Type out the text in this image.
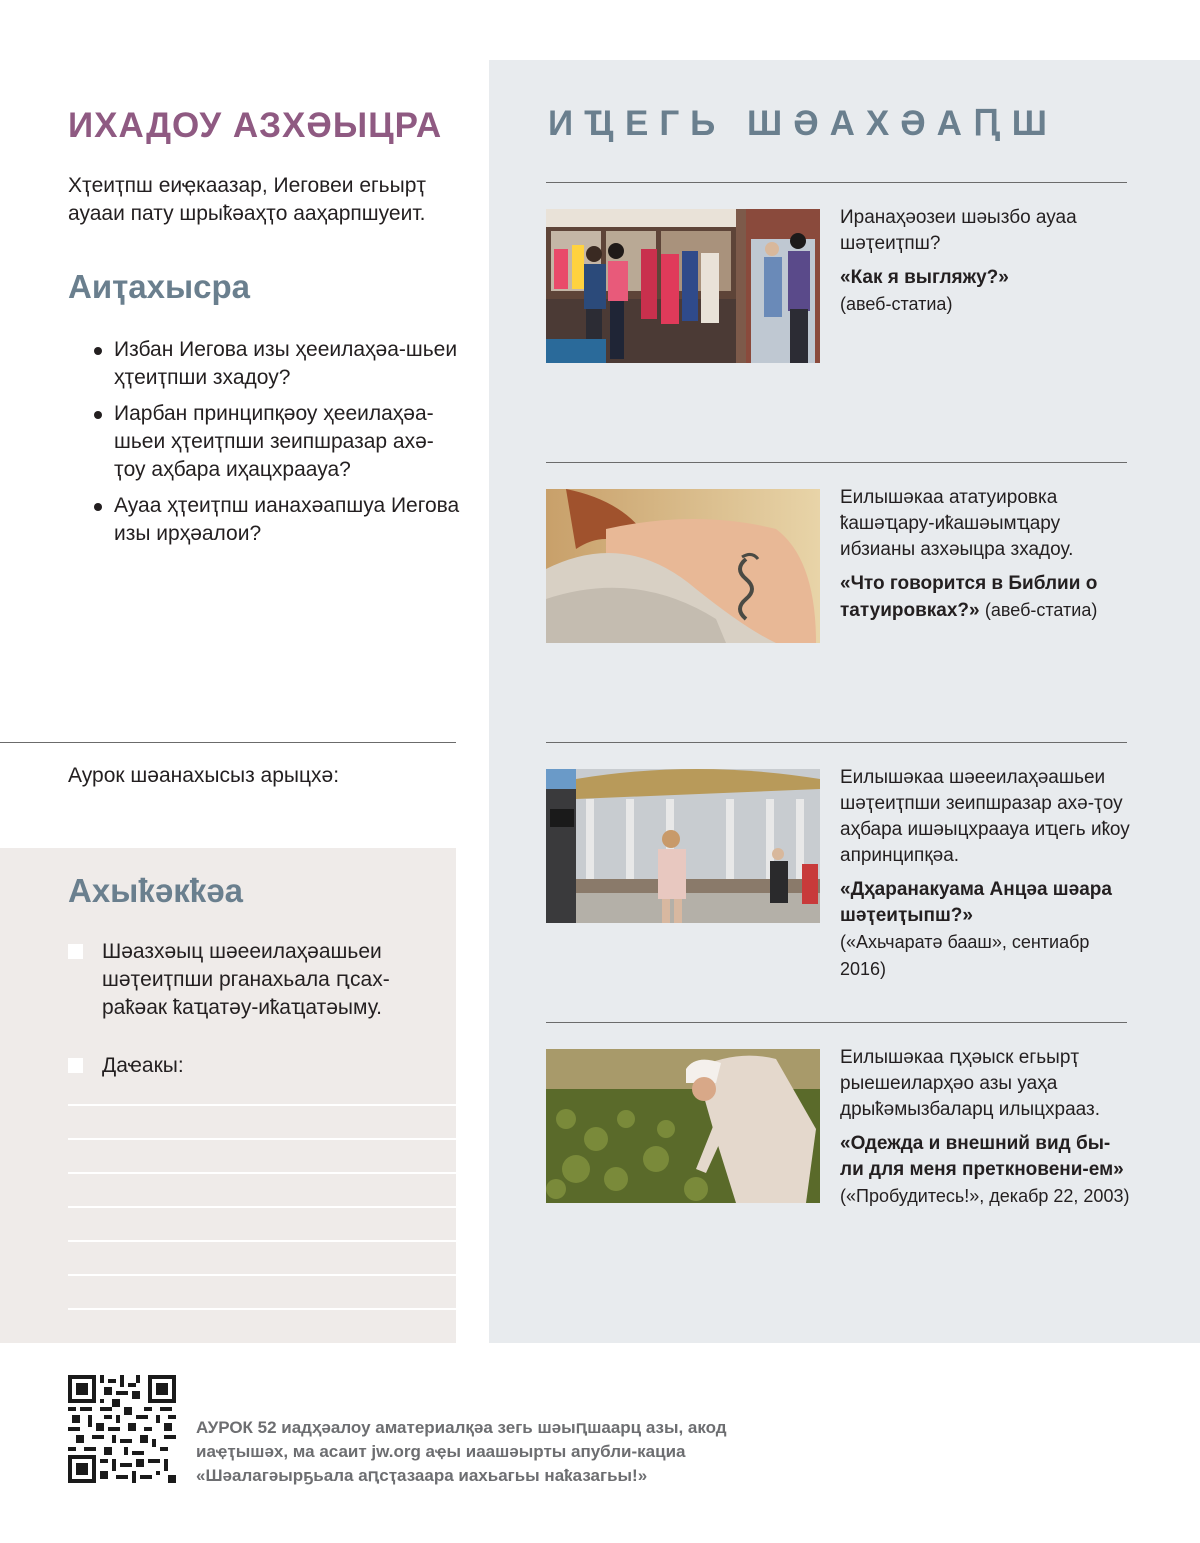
ИХАДОУ АЗХӘЫЦРА

Хҭеиҭпш еиҿкаазар, Иеговеи егьырҭ ауааи пату шрыҟәаҳҭо ааҳарпшуеит.

Аиҭахысра
Избан Иегова изы ҳееилаҳәа-шьеи ҳҭеиҭпши зхадоу?
Иарбан принципқәоу ҳееилаҳәа-шьеи ҳҭеиҭпши зеипшразар ахә-ҭоу аҳбара иҳацхраауа?
Ауаа ҳҭеиҭпш ианахәапшуа Иегова изы ирҳәалои?
Аурок шәанахысыз арыцхә:
Ахыҟәкҟәа
Шәазхәыц шәееилаҳәашьеи шәҭеиҭпши рганахьала ԥсах-раҟәак ҟаҵатәу-иҟаҵатәыму.
Даҽакы:
ИҴЕГЬ ШӘАХӘАԤШ
Иранаҳәозеи шәызбо ауаа шәҭеиҭпш?
«Как я выгляжу?»
(авеб-статиа)
Еилышәкаа ататуировка ҟашәҵару-иҟашәымҵару ибзианы азхәыцра зхадоу.
«Что говорится в Библии о татуировках?» (авеб-статиа)
Еилышәкаа шәееилаҳәашьеи шәҭеиҭпши зеипшразар ахә-ҭоу аҳбара ишәыцхраауа иҵегь иҟоу апринципқәа.
«Дҳаранакуама Анцәа шәара шәҭеиҭыпш?»
(«Ахьчаратә бааш», сентиабр 2016)
Еилышәкаа ԥҳәыск егьырҭ рыешеиларҳәо азы уаҳа дрыҟәмызбаларц илыцхрааз.
«Одежда и внешний вид бы-ли для меня преткновени-ем» («Пробудитесь!», декабр 22, 2003)

АУРОК 52 иадҳәалоу аматериалқәа зегь шәыԥшаарц азы, акод иаҿҭышәх, ма асаит jw.org аҿы иаашәырты апубли-кациа «Шәалагәырҕьала аԥсҭазаара иахьагьы наҟазагьы!»
